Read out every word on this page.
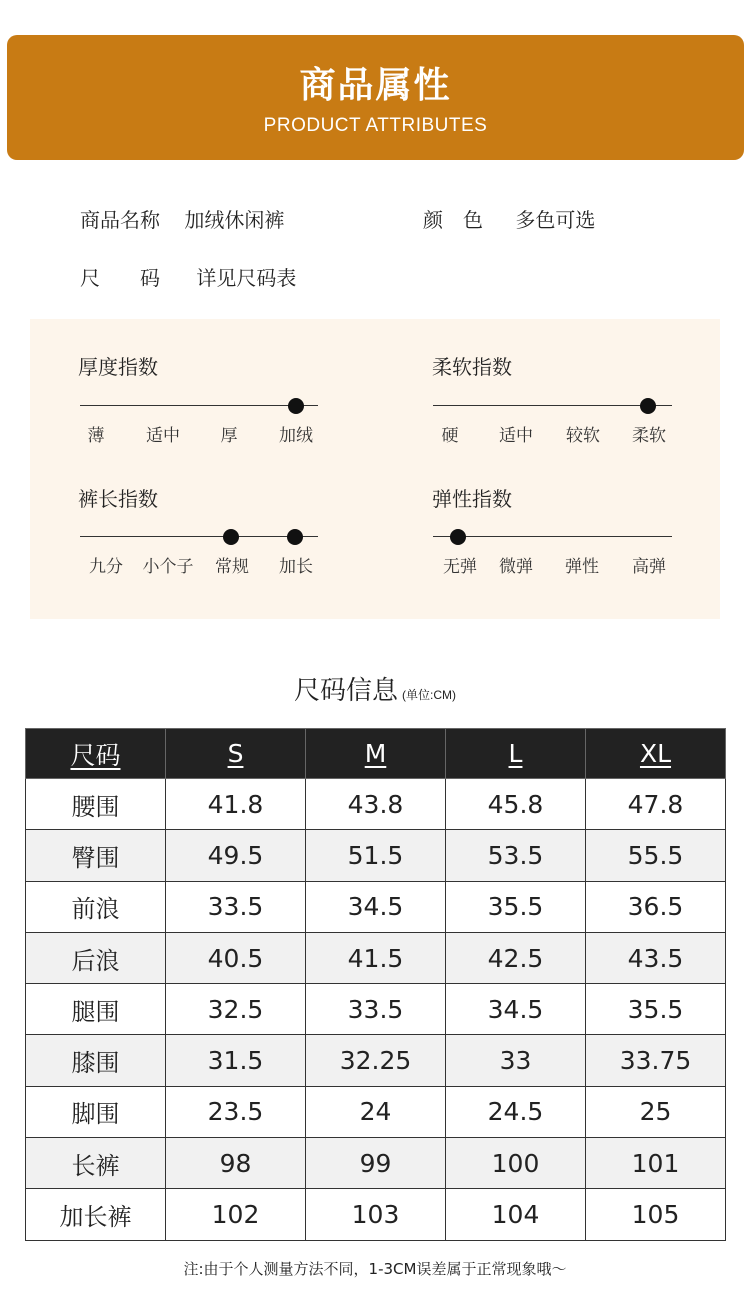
商品属性
PRODUCT ATTRIBUTES
商品名称 加绒休闲裤	颜　色 多色可选
尺　　码 详见尺码表
厚度指数
薄 适中 厚 加绒
柔软指数
硬 适中 较软 柔软
裤长指数
九分 小个子 常规 加长
弹性指数
无弹 微弹 弹性 高弹
尺码信息 (单位:CM)
尺码	S	M	L	XL
腰围	41.8	43.8	45.8	47.8
臀围	49.5	51.5	53.5	55.5
前浪	33.5	34.5	35.5	36.5
后浪	40.5	41.5	42.5	43.5
腿围	32.5	33.5	34.5	35.5
膝围	31.5	32.25	33	33.75
脚围	23.5	24	24.5	25
长裤	98	99	100	101
加长裤	102	103	104	105
注:由于个人测量方法不同，1-3CM误差属于正常现象哦～
